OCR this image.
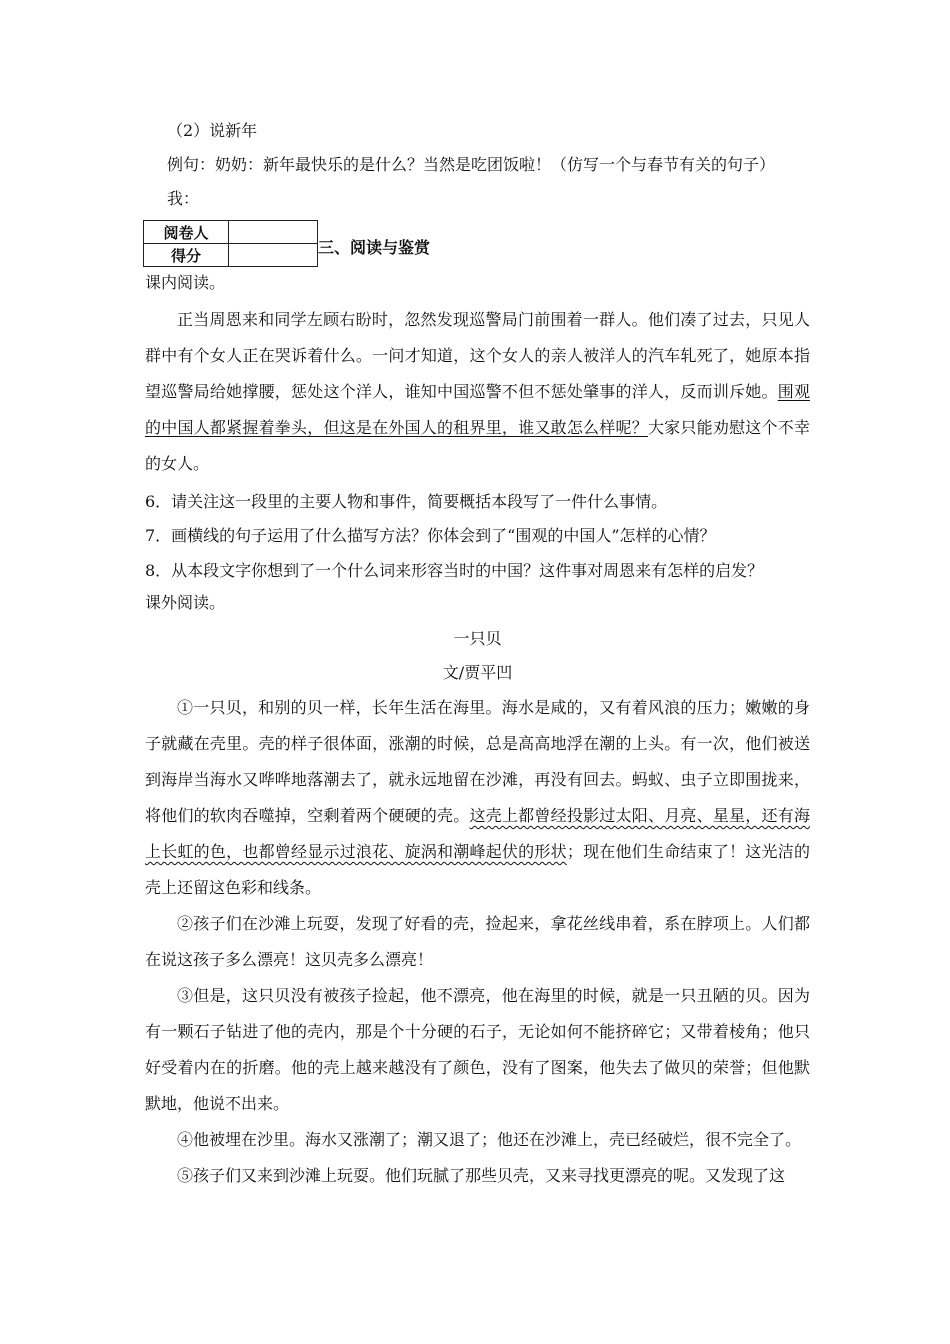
（2）说新年
例句：奶奶：新年最快乐的是什么？当然是吃团饭啦！（仿写一个与春节有关的句子）
我：
阅卷人	
得分		三、阅读与鉴赏
课内阅读。

正当周恩来和同学左顾右盼时，忽然发现巡警局门前围着一群人。他们凑了过去，只见人群中有个女人正在哭诉着什么。一问才知道，这个女人的亲人被洋人的汽车轧死了，她原本指望巡警局给她撑腰，惩处这个洋人，谁知中国巡警不但不惩处肇事的洋人，反而训斥她。围观的中国人都紧握着拳头，但这是在外国人的租界里，谁又敢怎么样呢？大家只能劝慰这个不幸的女人。

6．请关注这一段里的主要人物和事件，简要概括本段写了一件什么事情。
7．画横线的句子运用了什么描写方法？你体会到了“围观的中国人”怎样的心情？
8．从本段文字你想到了一个什么词来形容当时的中国？这件事对周恩来有怎样的启发？
课外阅读。
一只贝
文/贾平凹

①一只贝，和别的贝一样，长年生活在海里。海水是咸的，又有着风浪的压力；嫩嫩的身子就藏在壳里。壳的样子很体面，涨潮的时候，总是高高地浮在潮的上头。有一次，他们被送到海岸当海水又哗哗地落潮去了，就永远地留在沙滩，再没有回去。蚂蚁、虫子立即围拢来，将他们的软肉吞噬掉，空剩着两个硬硬的壳。这壳上都曾经投影过太阳、月亮、星星，还有海上长虹的色，也都曾经显示过浪花、旋涡和潮峰起伏的形状；现在他们生命结束了！这光洁的壳上还留这色彩和线条。

②孩子们在沙滩上玩耍，发现了好看的壳，捡起来，拿花丝线串着，系在脖项上。人们都在说这孩子多么漂亮！这贝壳多么漂亮！

③但是，这只贝没有被孩子捡起，他不漂亮，他在海里的时候，就是一只丑陋的贝。因为有一颗石子钻进了他的壳内，那是个十分硬的石子，无论如何不能挤碎它；又带着棱角；他只好受着内在的折磨。他的壳上越来越没有了颜色，没有了图案，他失去了做贝的荣誉；但他默默地，他说不出来。

④他被埋在沙里。海水又涨潮了；潮又退了；他还在沙滩上，壳已经破烂，很不完全了。

⑤孩子们又来到沙滩上玩耍。他们玩腻了那些贝壳，又来寻找更漂亮的呢。又发现了这
